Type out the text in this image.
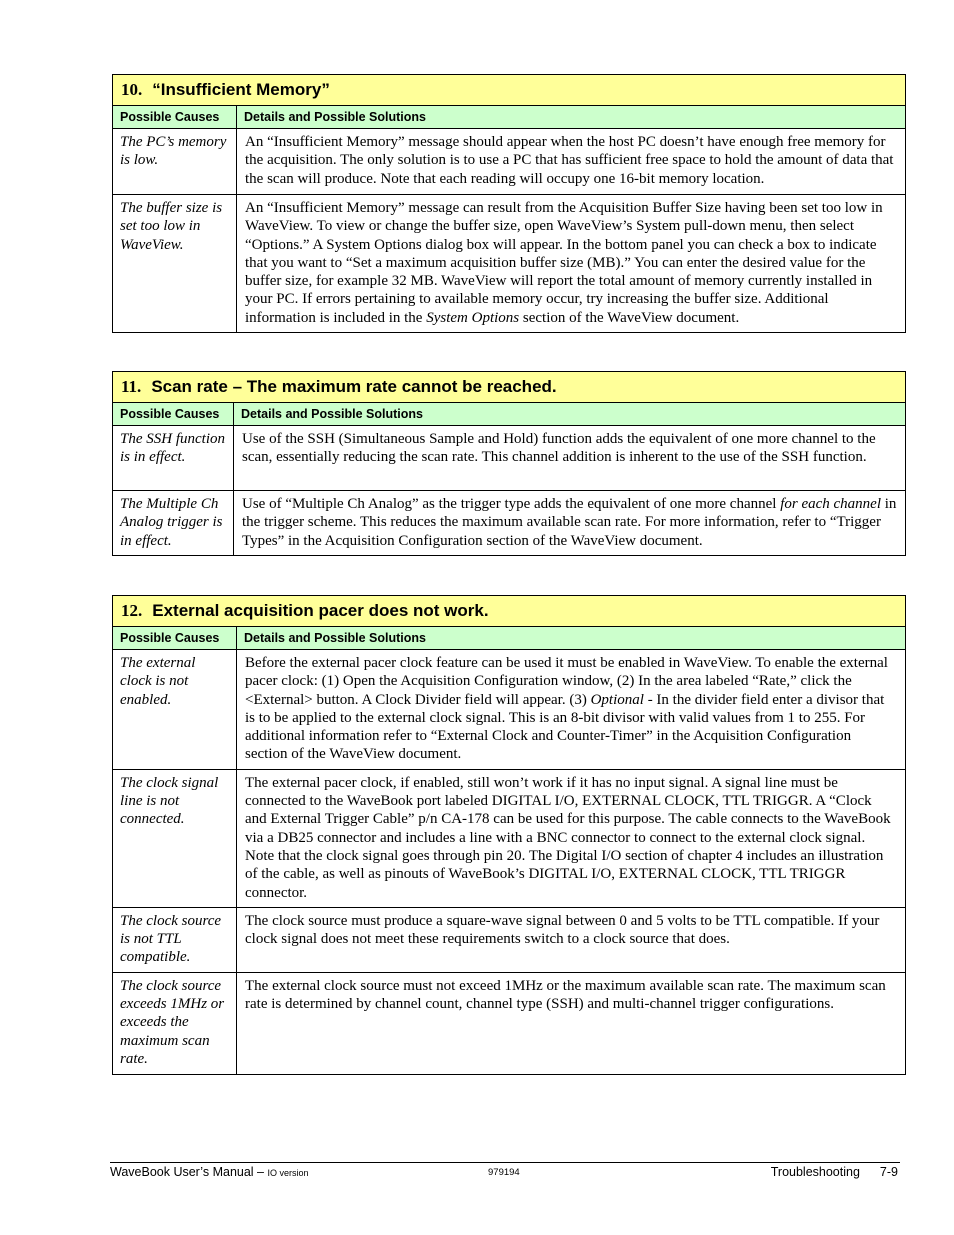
10. “Insufficient Memory”	
Possible Causes	Details and Possible Solutions
The PC’s memory is low.	An “Insufficient Memory” message should appear when the host PC doesn’t have enough free memory for the acquisition. The only solution is to use a PC that has sufficient free space to hold the amount of data that the scan will produce. Note that each reading will occupy one 16-bit memory location.
The buffer size is set too low in WaveView.	An “Insufficient Memory” message can result from the Acquisition Buffer Size having been set too low in WaveView. To view or change the buffer size, open WaveView’s System pull-down menu, then select “Options.” A System Options dialog box will appear. In the bottom panel you can check a box to indicate that you want to “Set a maximum acquisition buffer size (MB).” You can enter the desired value for the buffer size, for example 32 MB. WaveView will report the total amount of memory currently installed in your PC. If errors pertaining to available memory occur, try increasing the buffer size. Additional information is included in the System Options section of the WaveView document.
11. Scan rate – The maximum rate cannot be reached.	
Possible Causes	Details and Possible Solutions
The SSH function is in effect.	Use of the SSH (Simultaneous Sample and Hold) function adds the equivalent of one more channel to the scan, essentially reducing the scan rate. This channel addition is inherent to the use of the SSH function.
The Multiple Ch Analog trigger is in effect.	Use of “Multiple Ch Analog” as the trigger type adds the equivalent of one more channel for each channel in the trigger scheme. This reduces the maximum available scan rate. For more information, refer to “Trigger Types” in the Acquisition Configuration section of the WaveView document.
12. External acquisition pacer does not work.	
Possible Causes	Details and Possible Solutions
The external clock is not enabled.	Before the external pacer clock feature can be used it must be enabled in WaveView. To enable the external pacer clock: (1) Open the Acquisition Configuration window, (2) In the area labeled “Rate,” click the <External> button. A Clock Divider field will appear. (3) Optional - In the divider field enter a divisor that is to be applied to the external clock signal. This is an 8-bit divisor with valid values from 1 to 255. For additional information refer to “External Clock and Counter-Timer” in the Acquisition Configuration section of the WaveView document.
The clock signal line is not connected.	The external pacer clock, if enabled, still won’t work if it has no input signal. A signal line must be connected to the WaveBook port labeled DIGITAL I/O, EXTERNAL CLOCK, TTL TRIGGR. A “Clock and External Trigger Cable” p/n CA-178 can be used for this purpose. The cable connects to the WaveBook via a DB25 connector and includes a line with a BNC connector to connect to the external clock signal. Note that the clock signal goes through pin 20. The Digital I/O section of chapter 4 includes an illustration of the cable, as well as pinouts of WaveBook’s DIGITAL I/O, EXTERNAL CLOCK, TTL TRIGGR connector.
The clock source is not TTL compatible.	The clock source must produce a square-wave signal between 0 and 5 volts to be TTL compatible. If your clock signal does not meet these requirements switch to a clock source that does.
The clock source exceeds 1MHz or exceeds the maximum scan rate.	The external clock source must not exceed 1MHz or the maximum available scan rate. The maximum scan rate is determined by channel count, channel type (SSH) and multi-channel trigger configurations.
WaveBook User’s Manual – IO version	979194	Troubleshooting 7-9
